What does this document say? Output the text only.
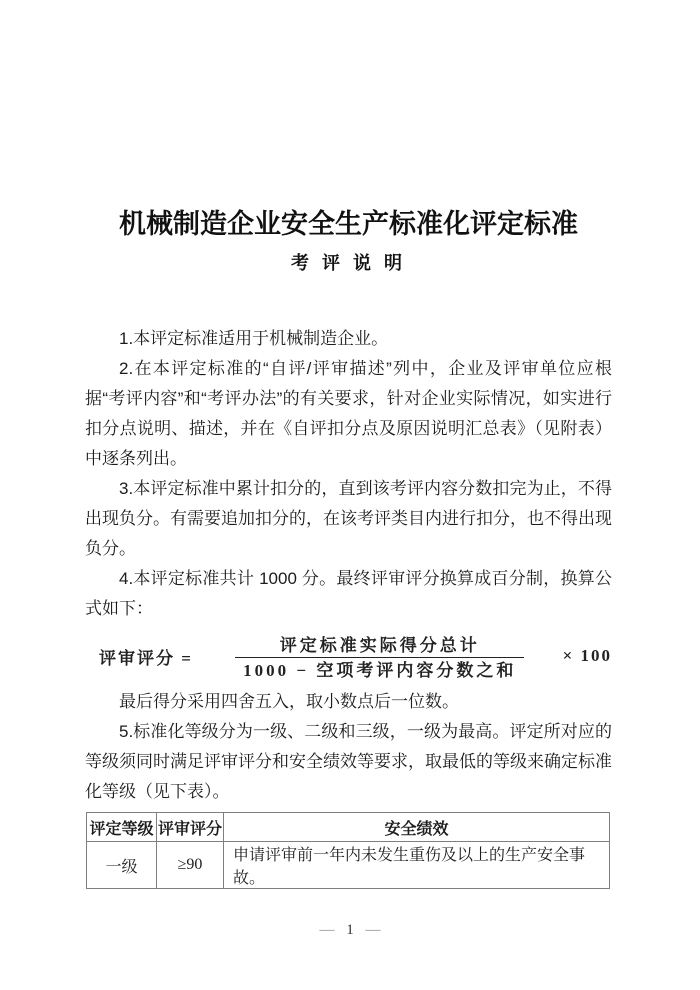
机械制造企业安全生产标准化评定标准
考 评 说 明

1.本评定标准适用于机械制造企业。

2.在本评定标准的“自评/评审描述”列中，企业及评审单位应根据“考评内容”和“考评办法”的有关要求，针对企业实际情况，如实进行扣分点说明、描述，并在《自评扣分点及原因说明汇总表》（见附表）中逐条列出。

3.本评定标准中累计扣分的，直到该考评内容分数扣完为止，不得出现负分。有需要追加扣分的，在该考评类目内进行扣分，也不得出现负分。

4.本评定标准共计 1000 分。最终评审评分换算成百分制，换算公式如下：

评审评分 = $\frac{\text{评定标准实际得分总计}}{\text{1000 − 空项考评内容分数之和}} \times 100$

最后得分采用四舍五入，取小数点后一位数。

5.标准化等级分为一级、二级和三级，一级为最高。评定所对应的等级须同时满足评审评分和安全绩效等要求，取最低的等级来确定标准化等级（见下表）。

评定等级	评审评分	安全绩效
一级	≥90	申请评审前一年内未发生重伤及以上的生产安全事故。
— 1 —
